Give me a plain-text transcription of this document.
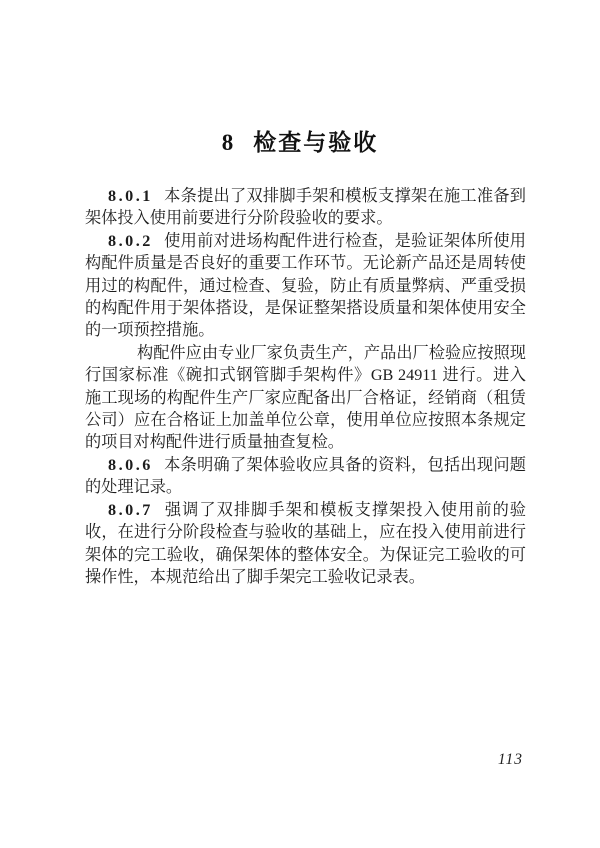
8 检查与验收

8.0.1 本条提出了双排脚手架和模板支撑架在施工准备到架体投入使用前要进行分阶段验收的要求。

8.0.2 使用前对进场构配件进行检查，是验证架体所使用构配件质量是否良好的重要工作环节。无论新产品还是周转使用过的构配件，通过检查、复验，防止有质量弊病、严重受损的构配件用于架体搭设，是保证整架搭设质量和架体使用安全的一项预控措施。

构配件应由专业厂家负责生产，产品出厂检验应按照现行国家标准《碗扣式钢管脚手架构件》GB 24911 进行。进入施工现场的构配件生产厂家应配备出厂合格证，经销商（租赁公司）应在合格证上加盖单位公章，使用单位应按照本条规定的项目对构配件进行质量抽查复检。

8.0.6 本条明确了架体验收应具备的资料，包括出现问题的处理记录。

8.0.7 强调了双排脚手架和模板支撑架投入使用前的验收，在进行分阶段检查与验收的基础上，应在投入使用前进行架体的完工验收，确保架体的整体安全。为保证完工验收的可操作性，本规范给出了脚手架完工验收记录表。

113
